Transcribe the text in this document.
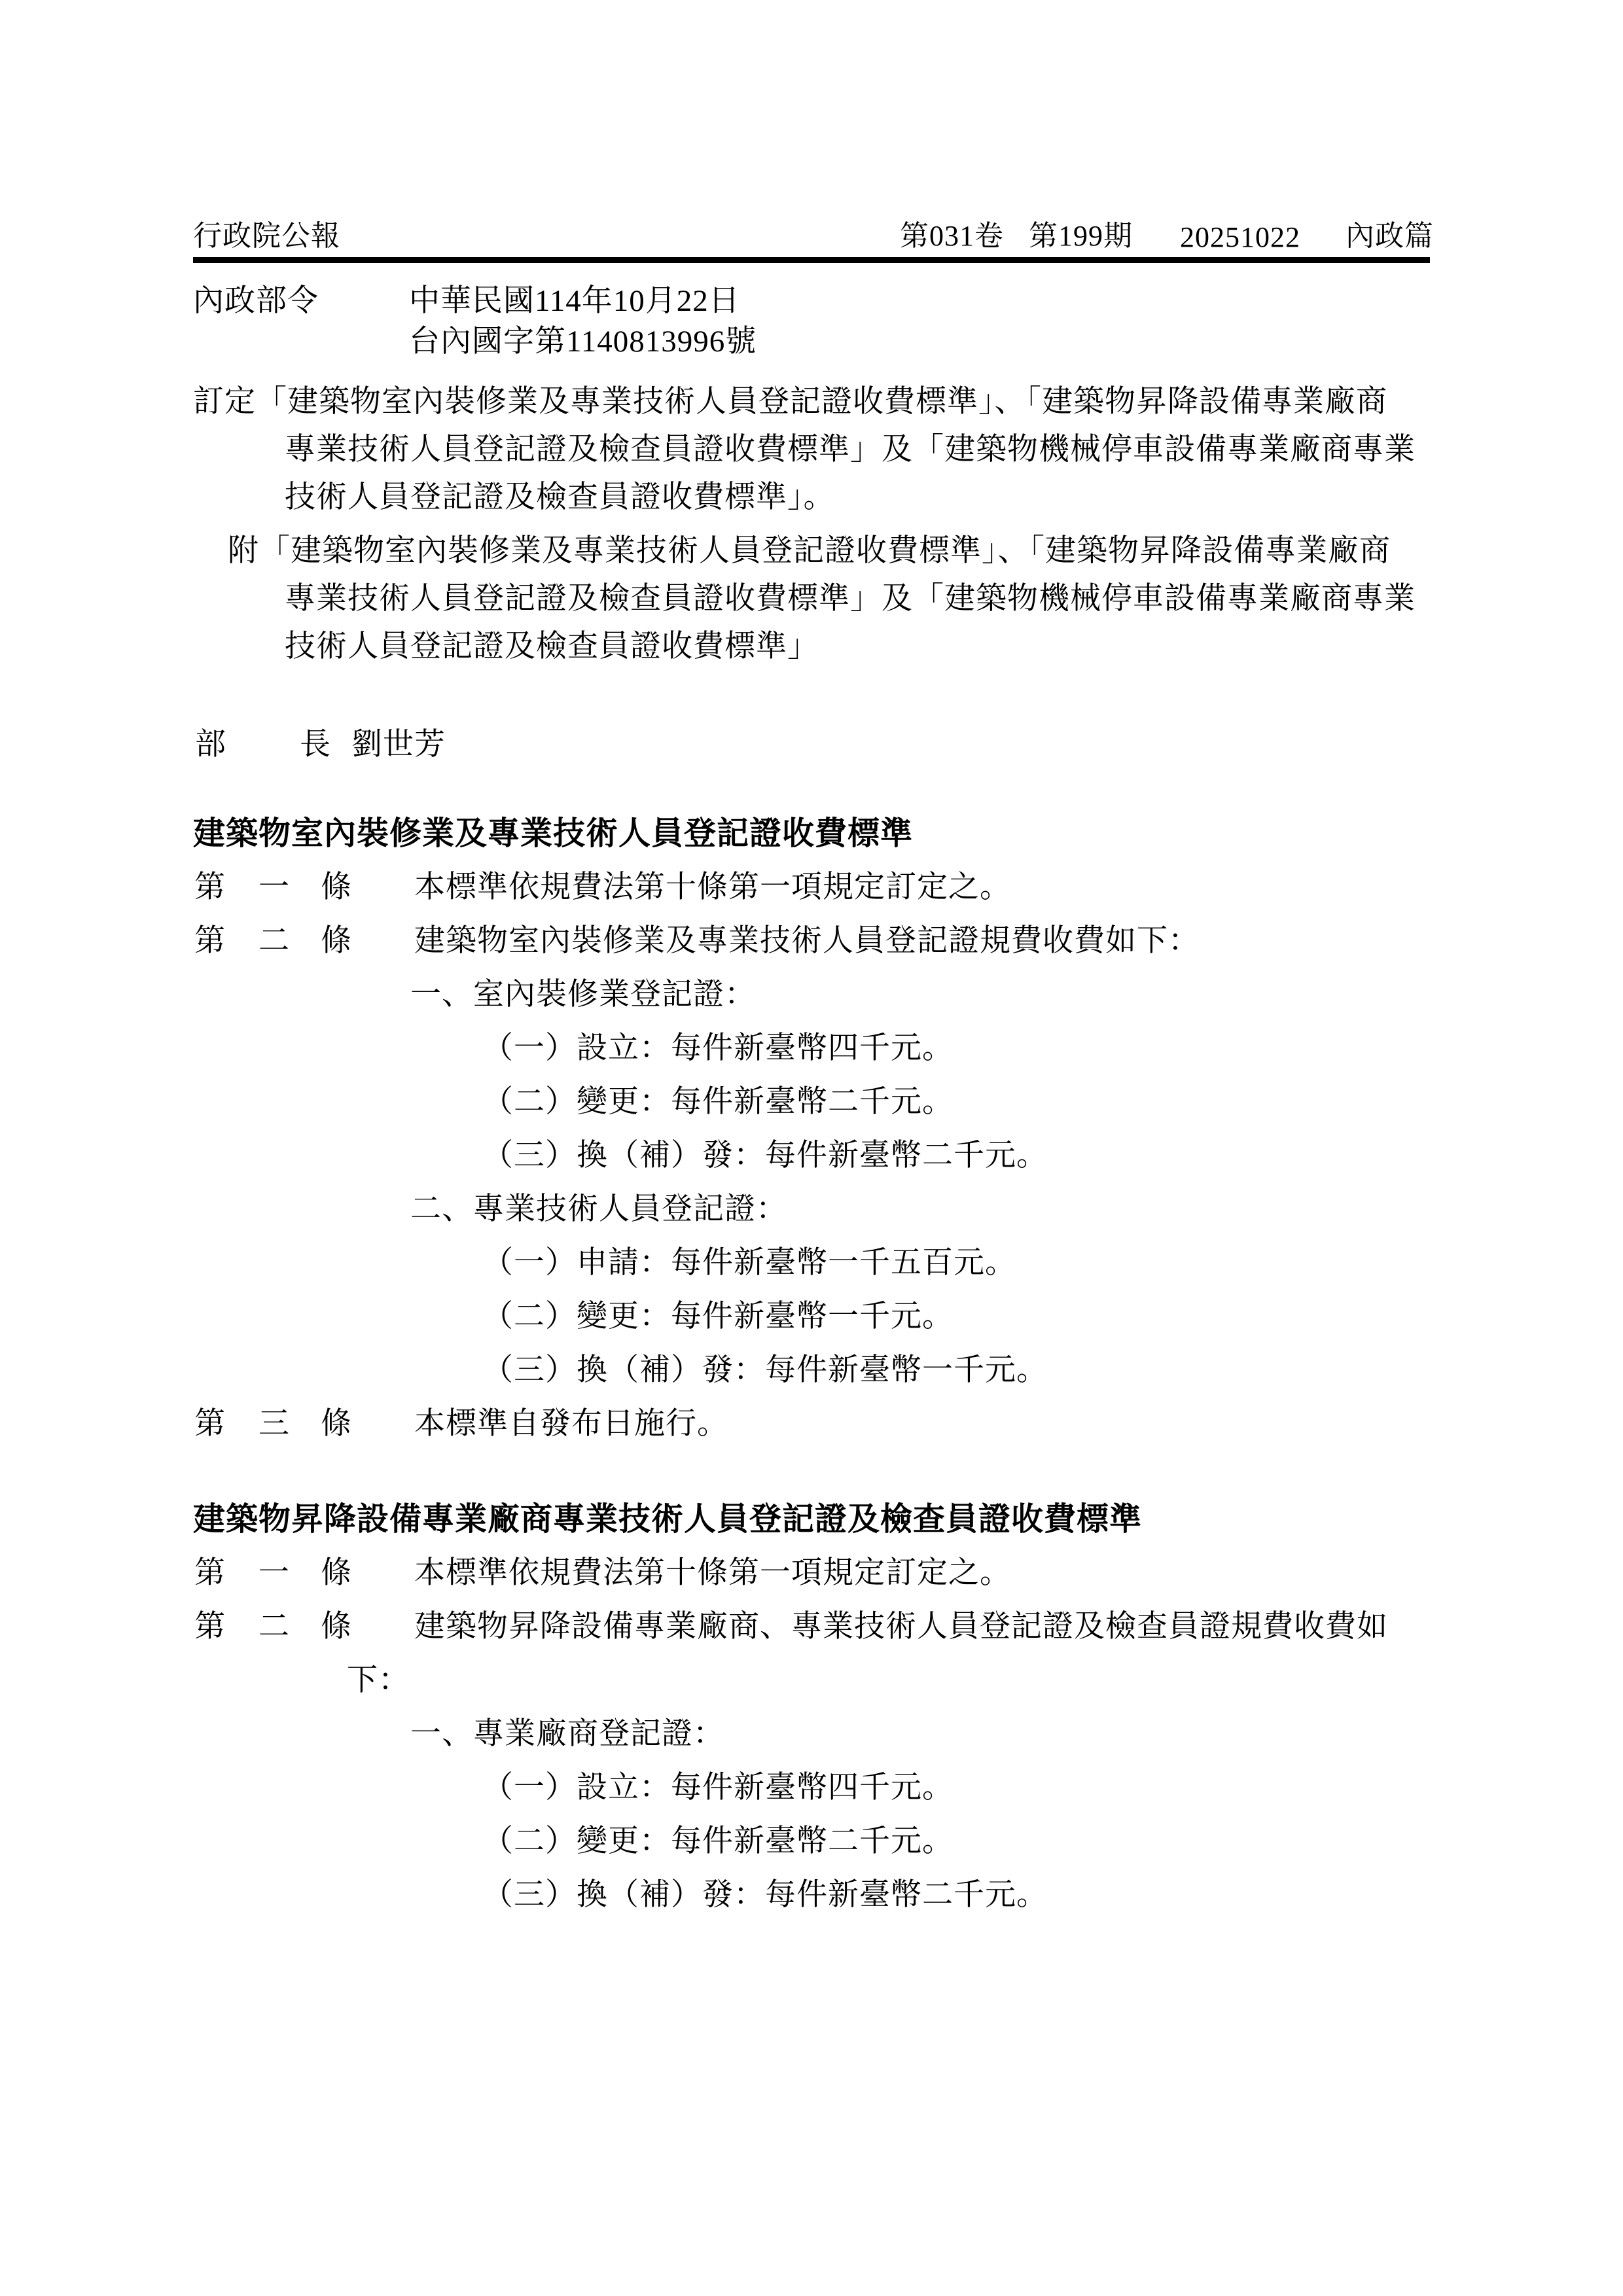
行政院公報	第031卷 第199期 20251022 內政篇
內政部令	中華民國114年10月22日
台內國字第1140813996號
訂定「建築物室內裝修業及專業技術人員登記證收費標準」、「建築物昇降設備專業廠商
專業技術人員登記證及檢查員證收費標準」及「建築物機械停車設備專業廠商專業
技術人員登記證及檢查員證收費標準」。
附「建築物室內裝修業及專業技術人員登記證收費標準」、「建築物昇降設備專業廠商
專業技術人員登記證及檢查員證收費標準」及「建築物機械停車設備專業廠商專業
技術人員登記證及檢查員證收費標準」
部 長 劉世芳
建築物室內裝修業及專業技術人員登記證收費標準
第 一 條 本標準依規費法第十條第一項規定訂定之。
第 二 條 建築物室內裝修業及專業技術人員登記證規費收費如下：
一、室內裝修業登記證：
（一）設立：每件新臺幣四千元。
（二）變更：每件新臺幣二千元。
（三）換（補）發：每件新臺幣二千元。
二、專業技術人員登記證：
（一）申請：每件新臺幣一千五百元。
（二）變更：每件新臺幣一千元。
（三）換（補）發：每件新臺幣一千元。
第 三 條 本標準自發布日施行。
建築物昇降設備專業廠商專業技術人員登記證及檢查員證收費標準
第 一 條 本標準依規費法第十條第一項規定訂定之。
第 二 條 建築物昇降設備專業廠商、專業技術人員登記證及檢查員證規費收費如
下：
一、專業廠商登記證：
（一）設立：每件新臺幣四千元。
（二）變更：每件新臺幣二千元。
（三）換（補）發：每件新臺幣二千元。
